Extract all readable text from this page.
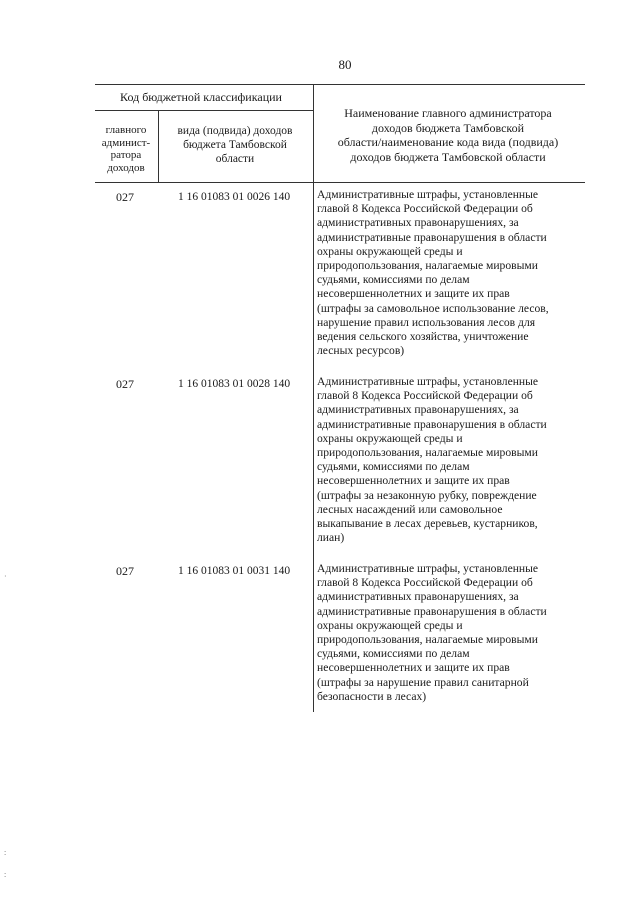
80
Код бюджетной классификации
главного
админист-
ратора
доходов
вида (подвида) доходов
бюджета Тамбовской
области
Наименование главного администратора
доходов бюджета Тамбовской
области/наименование кода вида (подвида)
доходов бюджета Тамбовской области
027	1 16 01083 01 0026 140	Административные штрафы, установленные
главой 8 Кодекса Российской Федерации об
административных правонарушениях, за
административные правонарушения в области
охраны окружающей среды и
природопользования, налагаемые мировыми
судьями, комиссиями по делам
несовершеннолетних и защите их прав
(штрафы за самовольное использование лесов,
нарушение правил использования лесов для
ведения сельского хозяйства, уничтожение
лесных ресурсов)
027	1 16 01083 01 0028 140	Административные штрафы, установленные
главой 8 Кодекса Российской Федерации об
административных правонарушениях, за
административные правонарушения в области
охраны окружающей среды и
природопользования, налагаемые мировыми
судьями, комиссиями по делам
несовершеннолетних и защите их прав
(штрафы за незаконную рубку, повреждение
лесных насаждений или самовольное
выкапывание в лесах деревьев, кустарников,
лиан)
027	1 16 01083 01 0031 140	Административные штрафы, установленные
главой 8 Кодекса Российской Федерации об
административных правонарушениях, за
административные правонарушения в области
охраны окружающей среды и
природопользования, налагаемые мировыми
судьями, комиссиями по делам
несовершеннолетних и защите их прав
(штрафы за нарушение правил санитарной
безопасности в лесах)
·
:
:
